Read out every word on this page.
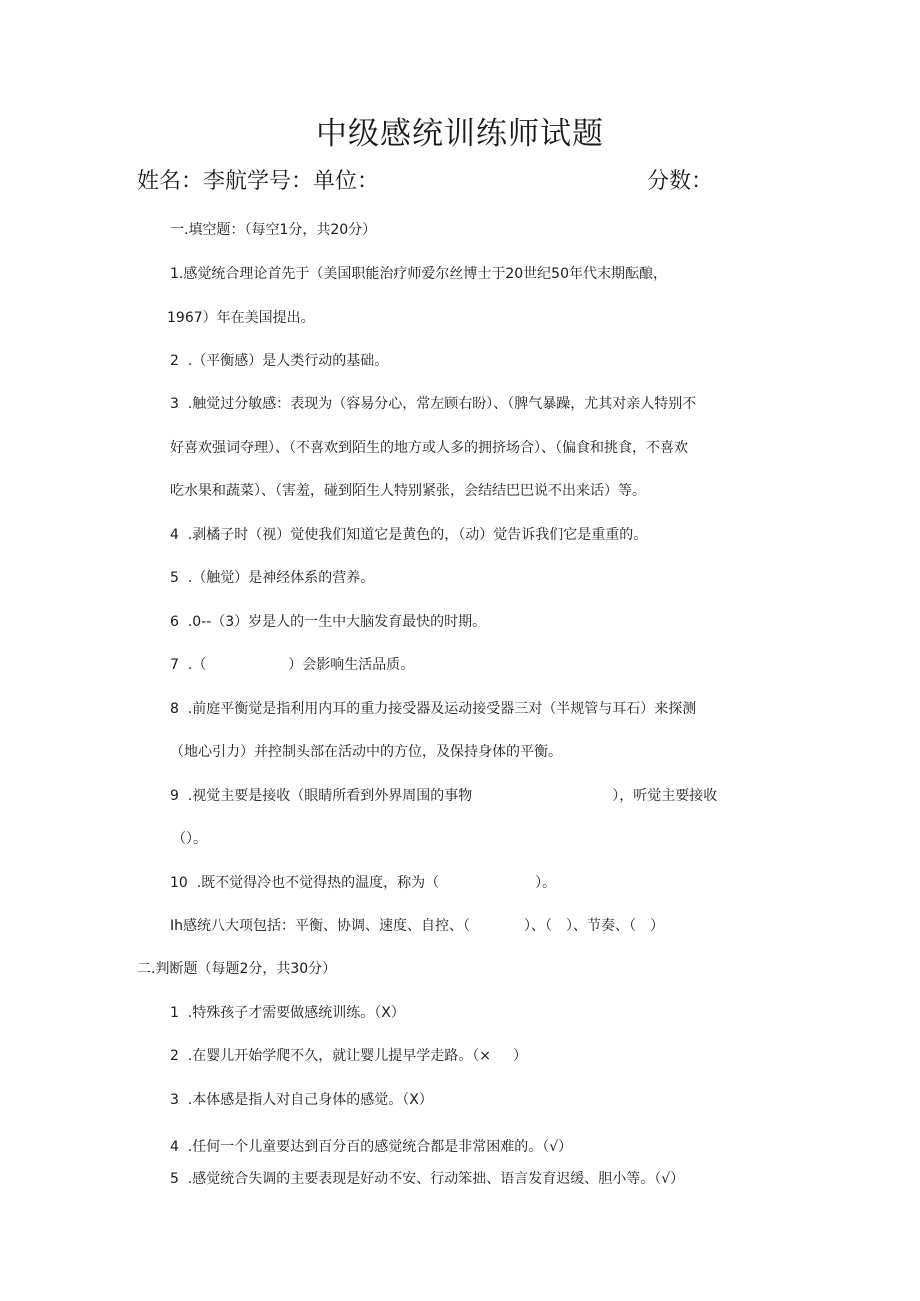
中级感统训练师试题
姓名：李航学号：单位：	分数：
一.填空题：（每空1分，共20分）
1.感觉统合理论首先于（美国职能治疗师爱尔丝博士于20世纪50年代末期酝酿，
1967）年在美国提出。
2  .（平衡感）是人类行动的基础。
3  .触觉过分敏感：表现为（容易分心，常左顾右盼）、（脾气暴躁，尤其对亲人特别不
好喜欢强词夺理）、（不喜欢到陌生的地方或人多的拥挤场合）、（偏食和挑食，不喜欢
吃水果和蔬菜）、（害羞，碰到陌生人特别紧张，会结结巴巴说不出来话）等。
4  .剥橘子时（视）觉使我们知道它是黄色的，（动）觉告诉我们它是重重的。
5  .（触觉）是神经体系的营养。
6  .0--（3）岁是人的一生中大脑发育最快的时期。
7  .（	）会影响生活品质。
8  .前庭平衡觉是指利用内耳的重力接受器及运动接受器三对（半规管与耳石）来探测
（地心引力）并控制头部在活动中的方位，及保持身体的平衡。
9  .视觉主要是接收（眼睛所看到外界周围的事物	），听觉主要接收
（）。
10  .既不觉得冷也不觉得热的温度，称为（	）。
Ih感统八大项包括：平衡、协调、速度、自控、（	）、（ ）、节奏、（ ）
二.判断题（每题2分，共30分）
1  .特殊孩子才需要做感统训练。（X）
2  .在婴儿开始学爬不久，就让婴儿提早学走路。（× ）
3  .本体感是指人对自己身体的感觉。（X）
4  .任何一个儿童要达到百分百的感觉统合都是非常困难的。（√）
5  .感觉统合失调的主要表现是好动不安、行动笨拙、语言发育迟缓、胆小等。（√）
